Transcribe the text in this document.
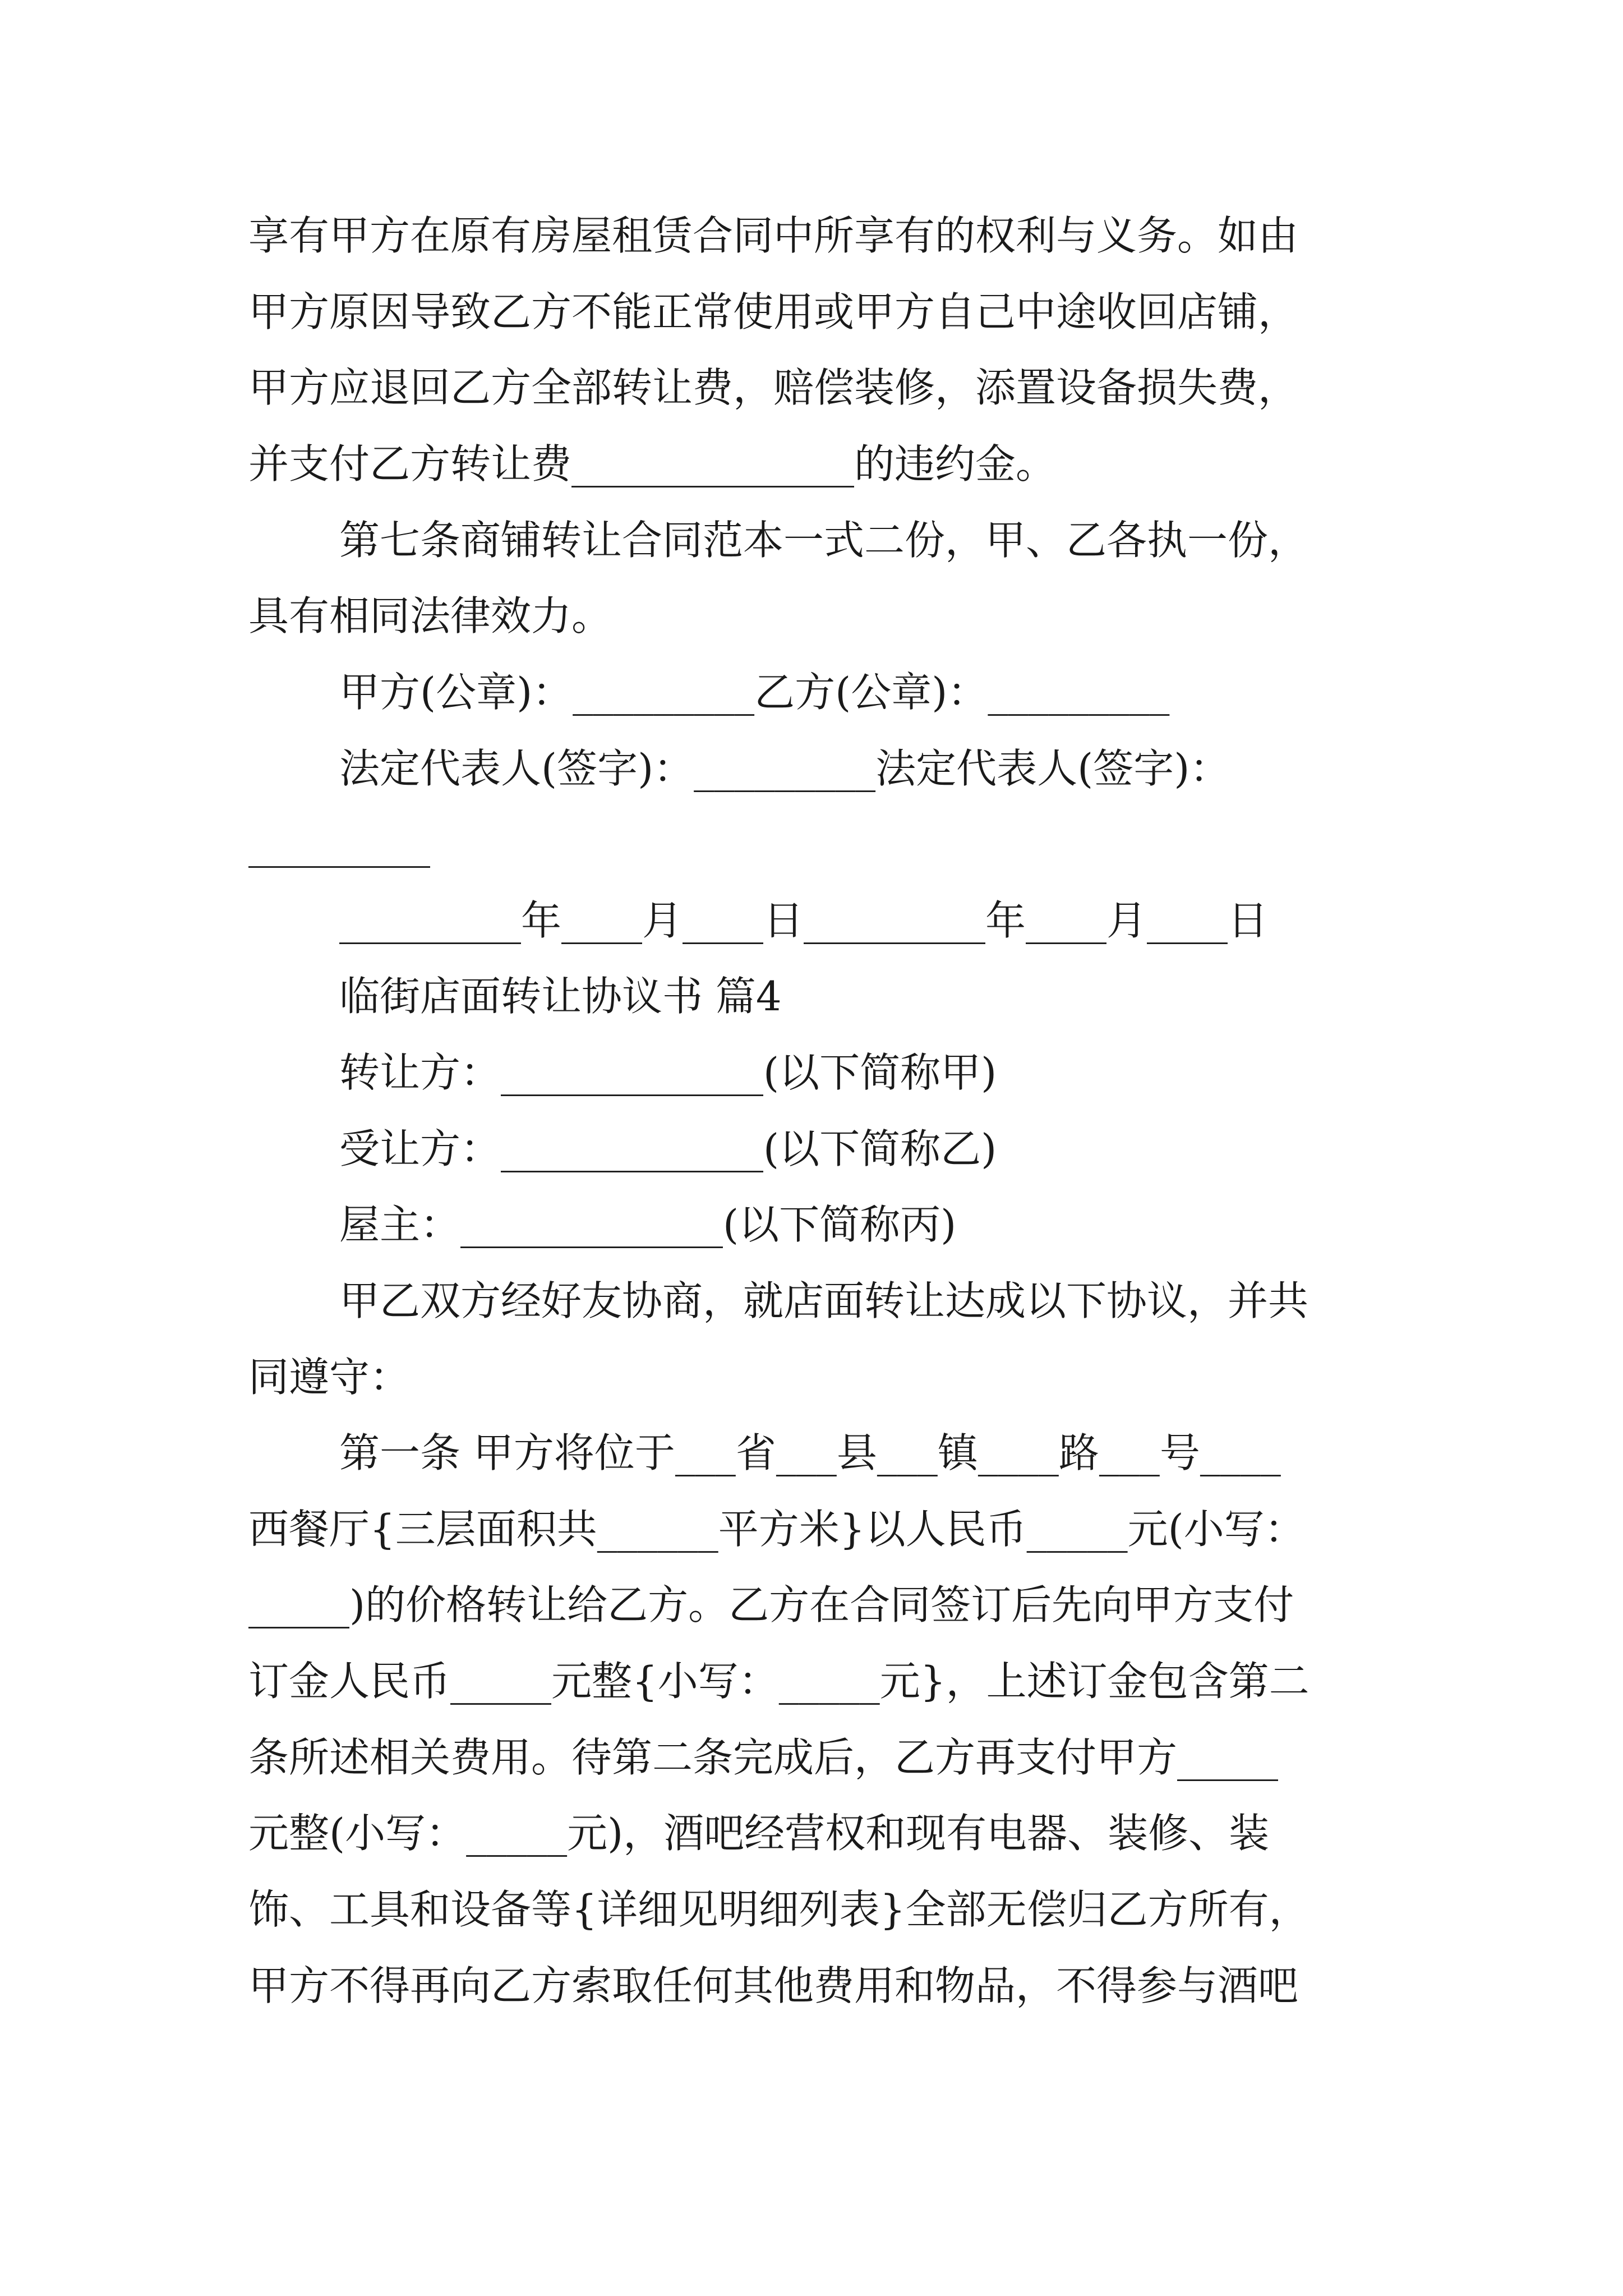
享有甲方在原有房屋租赁合同中所享有的权利与义务。如由

甲方原因导致乙方不能正常使用或甲方自己中途收回店铺，

甲方应退回乙方全部转让费，赔偿装修，添置设备损失费，

并支付乙方转让费______________的违约金。

第七条商铺转让合同范本一式二份，甲、乙各执一份，

具有相同法律效力。

甲方(公章)：_________乙方(公章)：_________

法定代表人(签字)：_________法定代表人(签字)：

_________

_________年____月____日_________年____月____日

临街店面转让协议书 篇4

转让方：_____________(以下简称甲)

受让方：_____________(以下简称乙)

屋主：_____________(以下简称丙)

甲乙双方经好友协商，就店面转让达成以下协议，并共

同遵守：

第一条 甲方将位于___省___县___镇____路___号____

西餐厅{三层面积共______平方米}以人民币_____元(小写：

_____)的价格转让给乙方。乙方在合同签订后先向甲方支付

订金人民币_____元整{小写：_____元}，上述订金包含第二

条所述相关费用。待第二条完成后，乙方再支付甲方_____

元整(小写：_____元)，酒吧经营权和现有电器、装修、装

饰、工具和设备等{详细见明细列表}全部无偿归乙方所有，

甲方不得再向乙方索取任何其他费用和物品，不得参与酒吧
